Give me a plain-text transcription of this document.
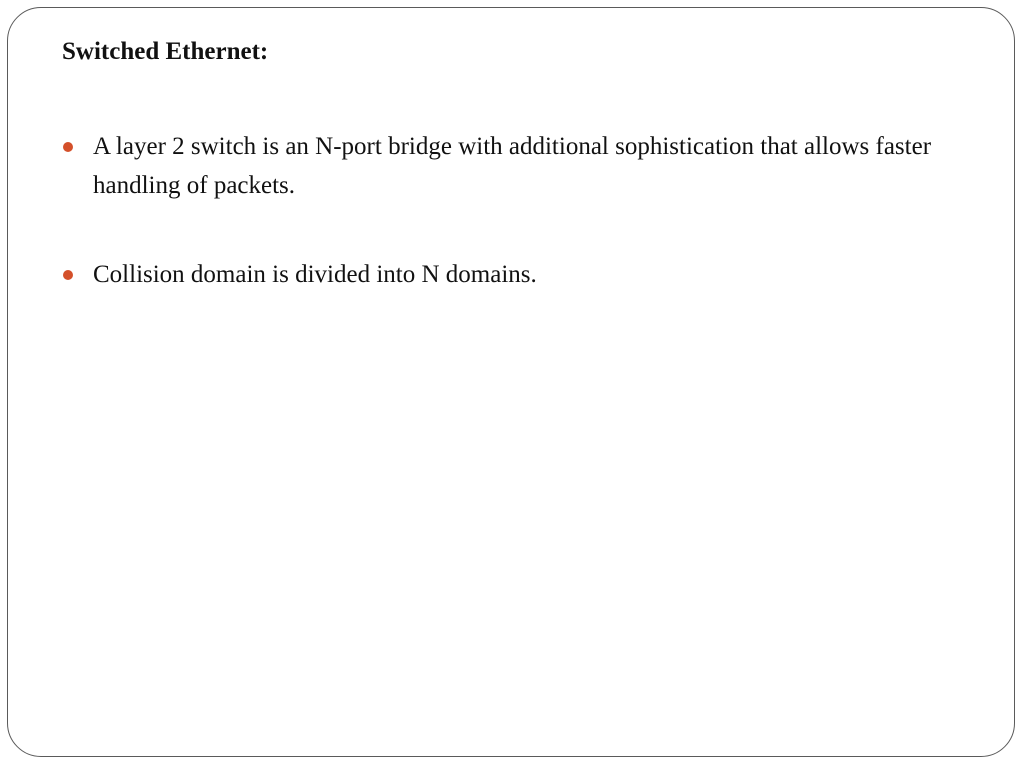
Switched Ethernet:
A layer 2 switch is an N-port bridge with additional sophistication that allows faster handling of packets.
Collision domain is divided into N domains.
